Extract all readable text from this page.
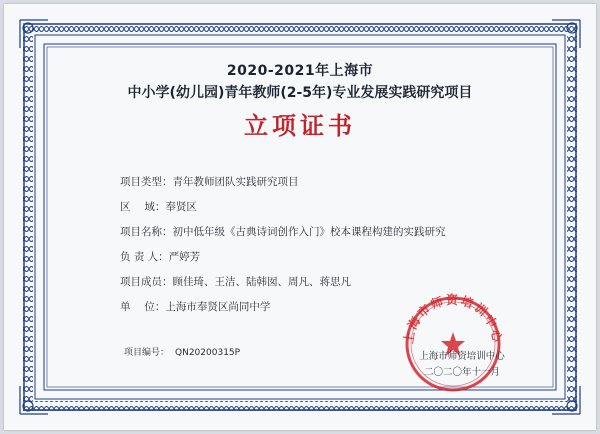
2020-2021年上海市
中小学(幼儿园)青年教师(2-5年)专业发展实践研究项目
立项证书
项目类型： 青年教师团队实践研究项目
区　 域： 奉贤区
项目名称： 初中低年级《古典诗词创作入门》校本课程构建的实践研究
负 责 人： 严婷芳
项目成员： 顾佳琦、王洁、陆韩囡、周凡、蒋思凡
单　 位： 上海市奉贤区尚同中学
项目编号： QN20200315P
上海市师资培训中心
上海市师资培训中心
二〇二〇年十一月
